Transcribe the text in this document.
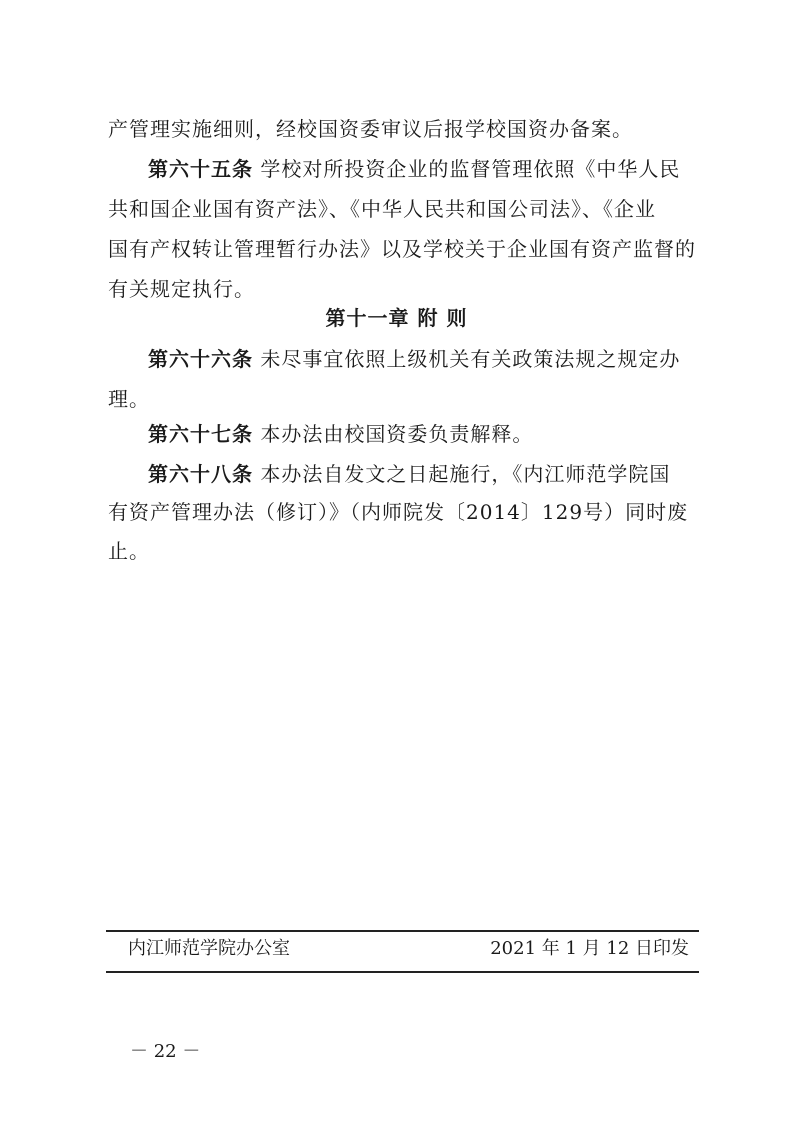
产管理实施细则，经校国资委审议后报学校国资办备案。
第六十五条 学校对所投资企业的监督管理依照《中华人民
共和国企业国有资产法》、《中华人民共和国公司法》、《企业
国有产权转让管理暂行办法》以及学校关于企业国有资产监督的
有关规定执行。
第十一章 附 则
第六十六条 未尽事宜依照上级机关有关政策法规之规定办
理。
第六十七条 本办法由校国资委负责解释。
第六十八条 本办法自发文之日起施行，《内江师范学院国
有资产管理办法（修订）》（内师院发〔2014〕129号）同时废
止。
内江师范学院办公室	2021 年 1 月 12 日印发
－ 22 －
